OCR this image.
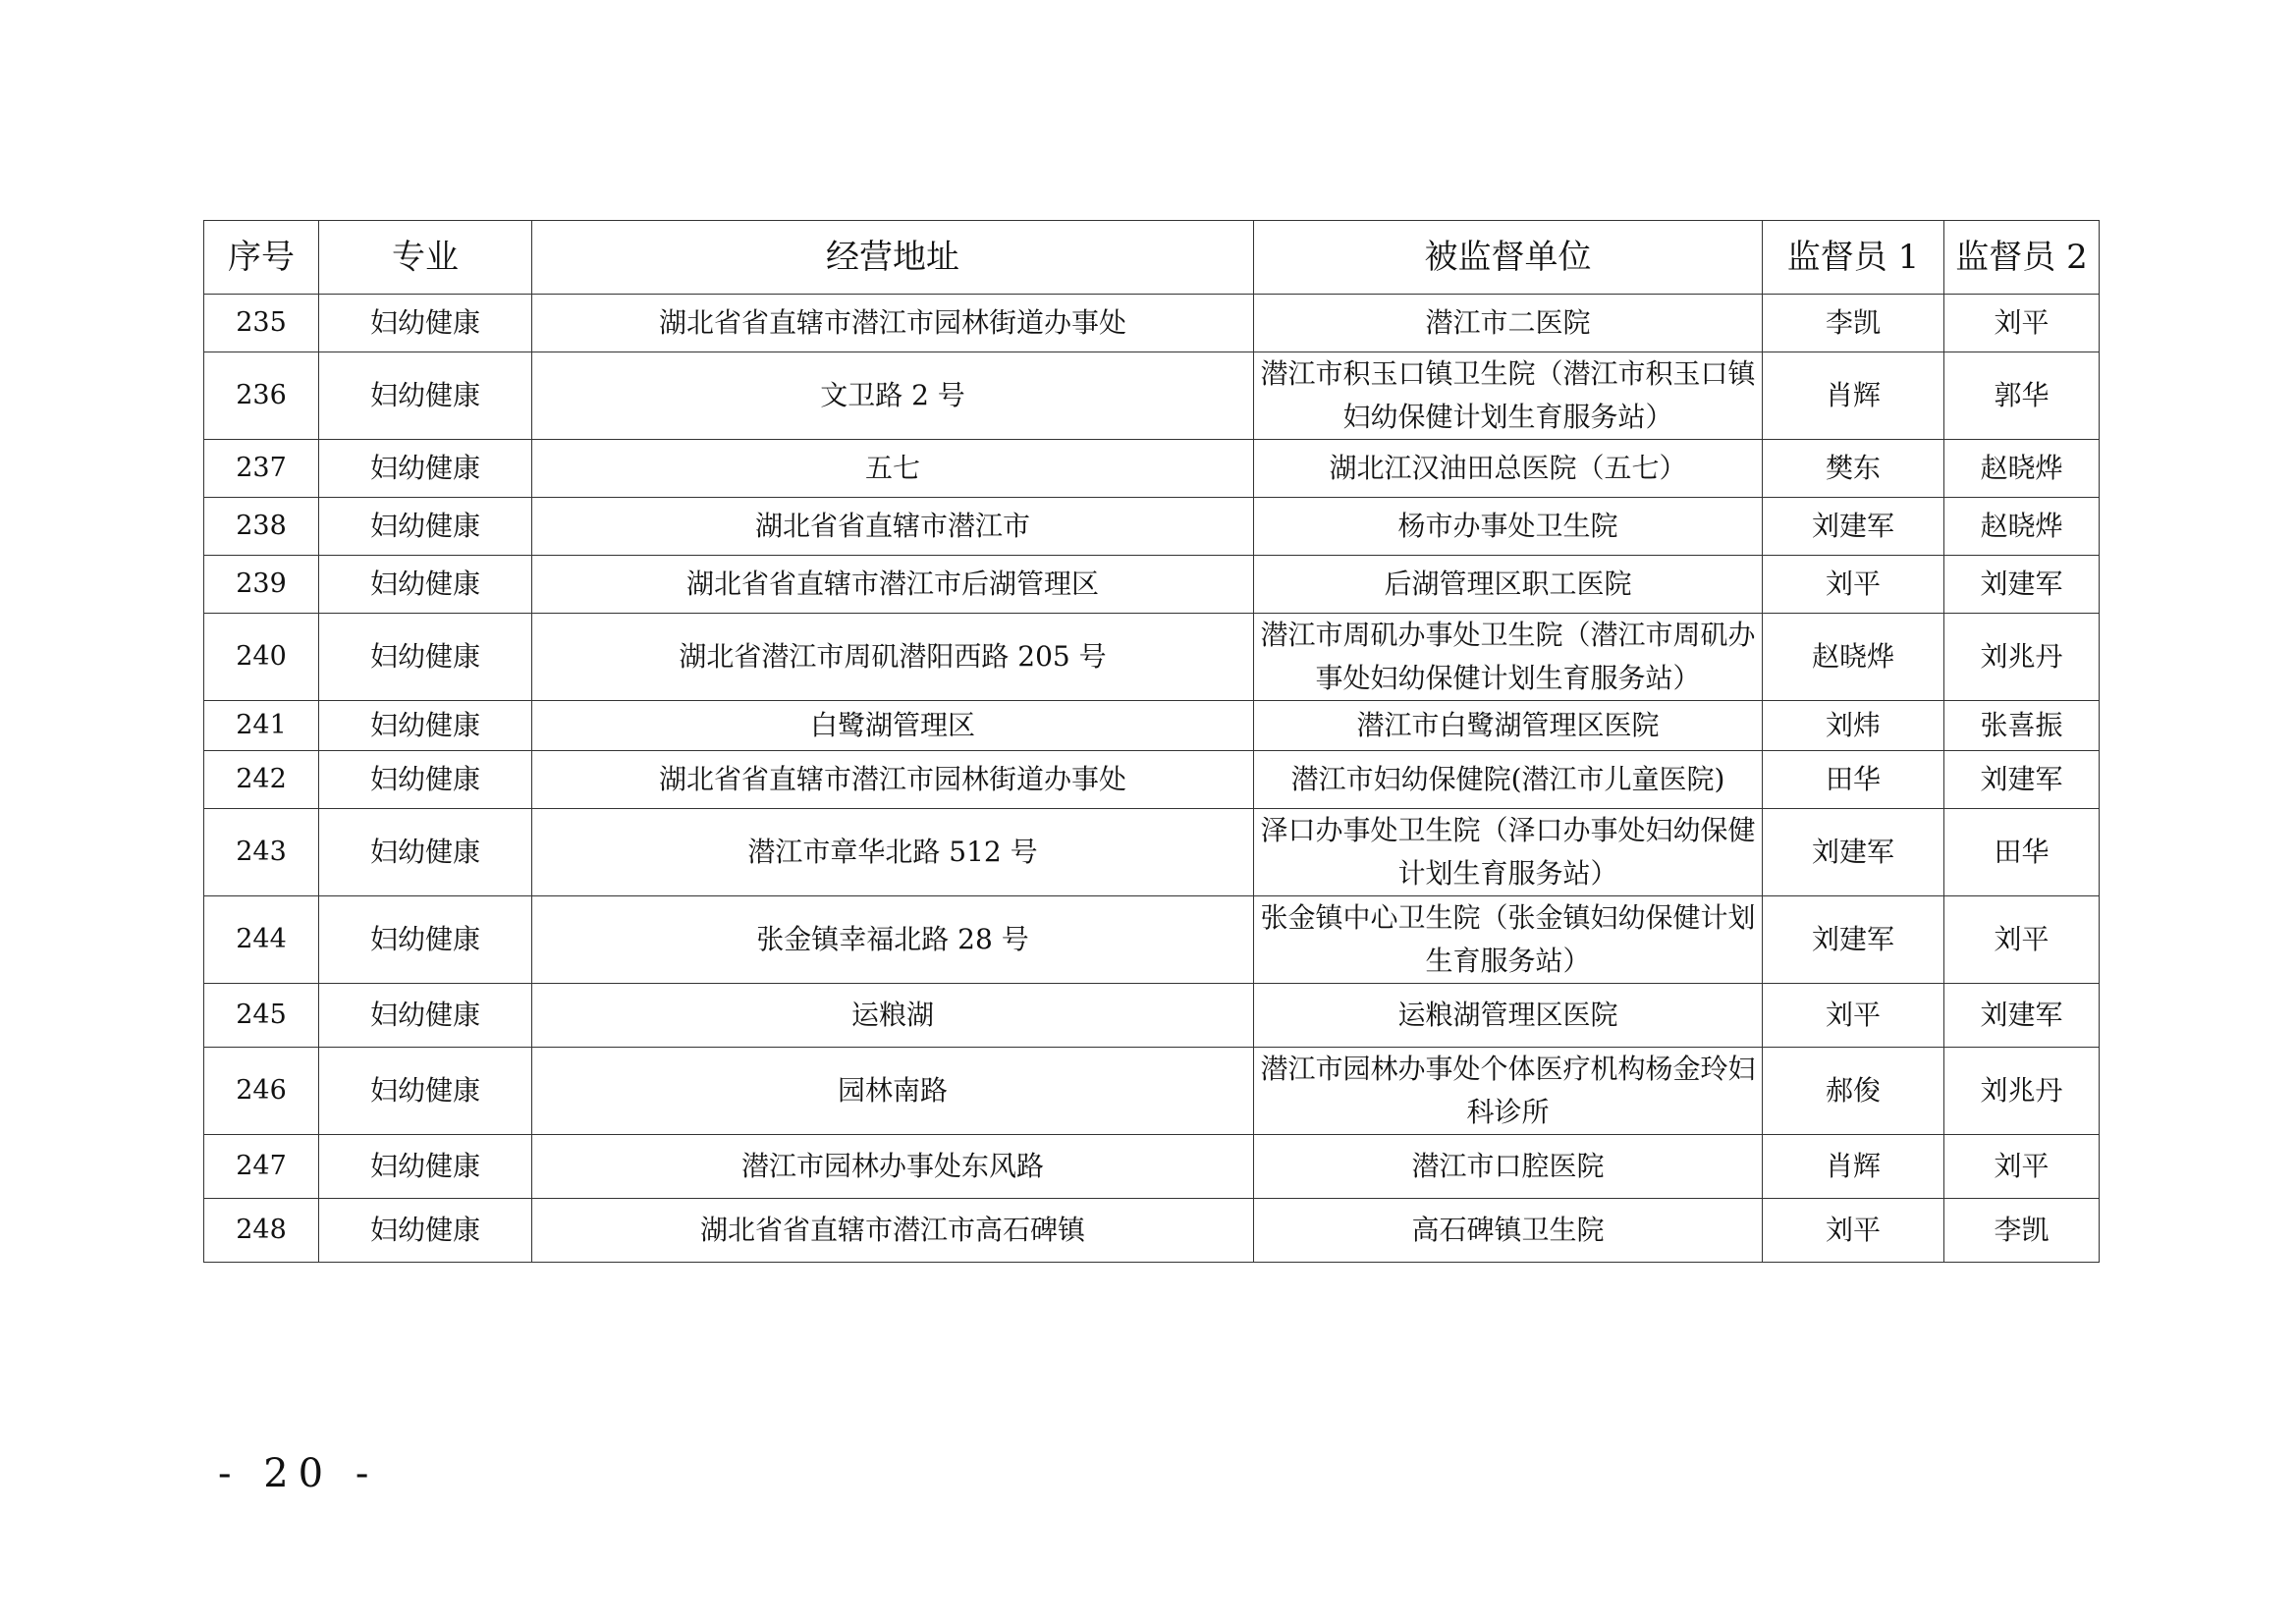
序号	专业	经营地址	被监督单位	监督员 1	监督员 2
235	妇幼健康	湖北省省直辖市潜江市园林街道办事处	潜江市二医院	李凯	刘平
236	妇幼健康	文卫路 2 号	潜江市积玉口镇卫生院（潜江市积玉口镇妇幼保健计划生育服务站）	肖辉	郭华
237	妇幼健康	五七	湖北江汉油田总医院（五七）	樊东	赵晓烨
238	妇幼健康	湖北省省直辖市潜江市	杨市办事处卫生院	刘建军	赵晓烨
239	妇幼健康	湖北省省直辖市潜江市后湖管理区	后湖管理区职工医院	刘平	刘建军
240	妇幼健康	湖北省潜江市周矶潜阳西路 205 号	潜江市周矶办事处卫生院（潜江市周矶办事处妇幼保健计划生育服务站）	赵晓烨	刘兆丹
241	妇幼健康	白鹭湖管理区	潜江市白鹭湖管理区医院	刘炜	张喜振
242	妇幼健康	湖北省省直辖市潜江市园林街道办事处	潜江市妇幼保健院(潜江市儿童医院)	田华	刘建军
243	妇幼健康	潜江市章华北路 512 号	泽口办事处卫生院（泽口办事处妇幼保健计划生育服务站）	刘建军	田华
244	妇幼健康	张金镇幸福北路 28 号	张金镇中心卫生院（张金镇妇幼保健计划生育服务站）	刘建军	刘平
245	妇幼健康	运粮湖	运粮湖管理区医院	刘平	刘建军
246	妇幼健康	园林南路	潜江市园林办事处个体医疗机构杨金玲妇科诊所	郝俊	刘兆丹
247	妇幼健康	潜江市园林办事处东风路	潜江市口腔医院	肖辉	刘平
248	妇幼健康	湖北省省直辖市潜江市高石碑镇	高石碑镇卫生院	刘平	李凯
- 20 -
